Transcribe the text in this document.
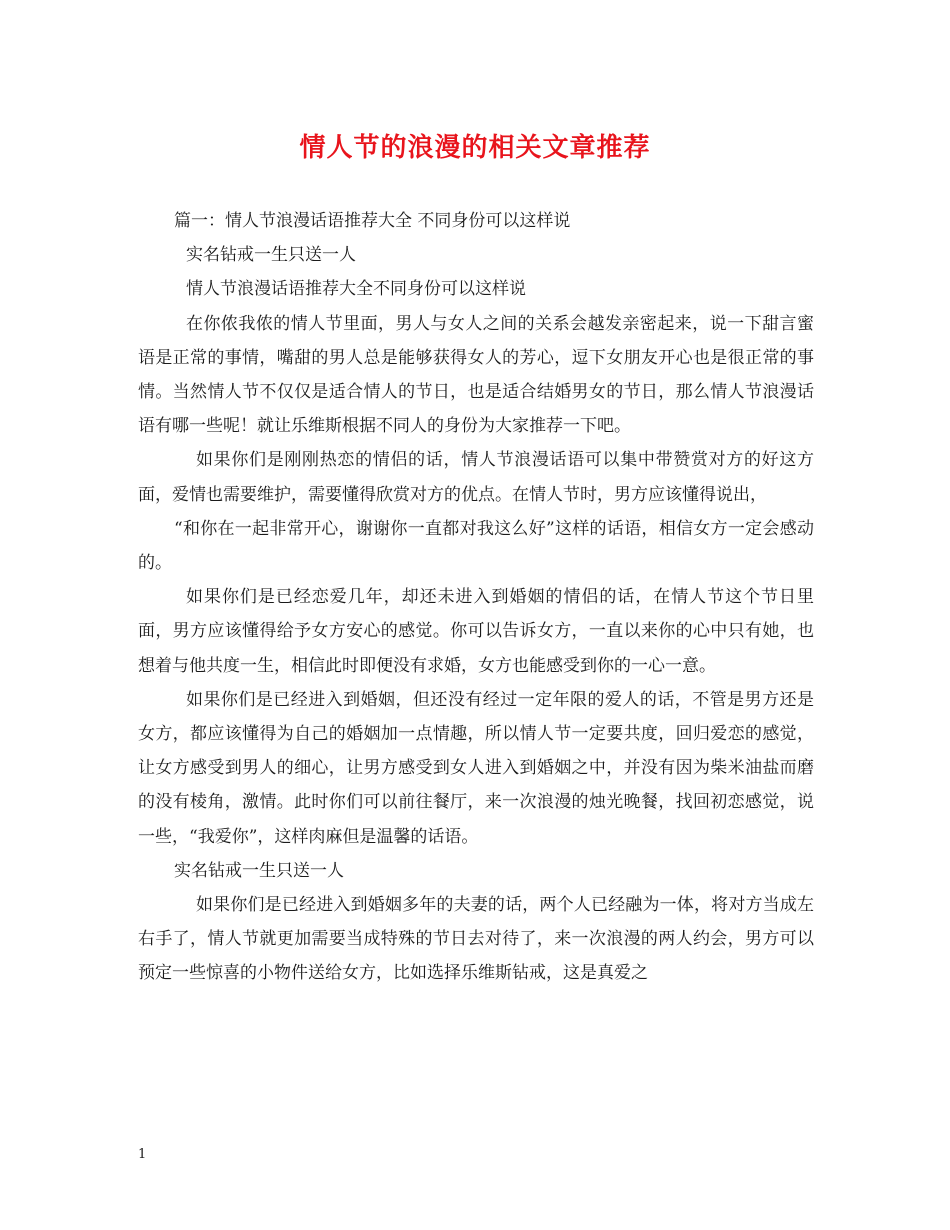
情人节的浪漫的相关文章推荐

篇一：情人节浪漫话语推荐大全 不同身份可以这样说

实名钻戒一生只送一人

情人节浪漫话语推荐大全不同身份可以这样说

在你侬我侬的情人节里面，男人与女人之间的关系会越发亲密起来，说一下甜言蜜语是正常的事情，嘴甜的男人总是能够获得女人的芳心，逗下女朋友开心也是很正常的事情。当然情人节不仅仅是适合情人的节日，也是适合结婚男女的节日，那么情人节浪漫话语有哪一些呢！就让乐维斯根据不同人的身份为大家推荐一下吧。

如果你们是刚刚热恋的情侣的话，情人节浪漫话语可以集中带赞赏对方的好这方面，爱情也需要维护，需要懂得欣赏对方的优点。在情人节时，男方应该懂得说出，

“和你在一起非常开心，谢谢你一直都对我这么好”这样的话语，相信女方一定会感动的。

如果你们是已经恋爱几年，却还未进入到婚姻的情侣的话，在情人节这个节日里面，男方应该懂得给予女方安心的感觉。你可以告诉女方，一直以来你的心中只有她，也想着与他共度一生，相信此时即便没有求婚，女方也能感受到你的一心一意。

如果你们是已经进入到婚姻，但还没有经过一定年限的爱人的话，不管是男方还是女方，都应该懂得为自己的婚姻加一点情趣，所以情人节一定要共度，回归爱恋的感觉，让女方感受到男人的细心，让男方感受到女人进入到婚姻之中，并没有因为柴米油盐而磨的没有棱角，激情。此时你们可以前往餐厅，来一次浪漫的烛光晚餐，找回初恋感觉，说一些，“我爱你”，这样肉麻但是温馨的话语。

实名钻戒一生只送一人

如果你们是已经进入到婚姻多年的夫妻的话，两个人已经融为一体，将对方当成左右手了，情人节就更加需要当成特殊的节日去对待了，来一次浪漫的两人约会，男方可以预定一些惊喜的小物件送给女方，比如选择乐维斯钻戒，这是真爱之

1
